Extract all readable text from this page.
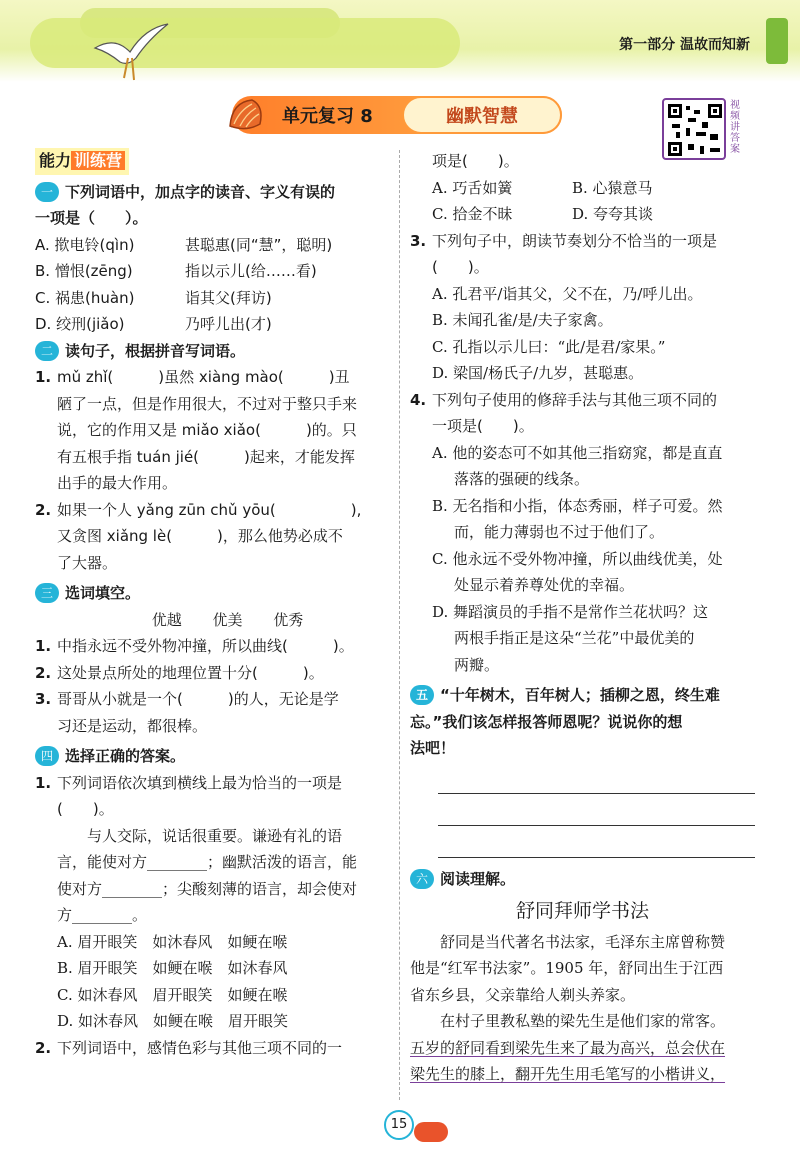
第一部分 温故而知新
单元复习 8	幽默智慧
视频讲答案
能力 训练营
一 下列词语中，加点字的读音、字义有误的
一项是（　　）。
A. 揿电铃(qìn)	甚聪惠(同“慧”，聪明)
B. 憎恨(zēng)	指以示儿(给……看)
C. 祸患(huàn)	诣其父(拜访)
D. 绞刑(jiǎo)	乃呼儿出(才)
二 读句子，根据拼音写词语。
1. mǔ zhǐ(　　　)虽然 xiàng mào(　　　)丑
陋了一点，但是作用很大，不过对于整只手来
说，它的作用又是 miǎo xiǎo(　　　)的。只
有五根手指 tuán jié(　　　)起来，才能发挥
出手的最大作用。
2. 如果一个人 yǎng zūn chǔ yōu(　　　　　),
又贪图 xiǎng lè(　　　)，那么他势必成不
了大器。
三 选词填空。
优越 优美 优秀
1. 中指永远不受外物冲撞，所以曲线(　　　)。
2. 这处景点所处的地理位置十分(　　　)。
3. 哥哥从小就是一个(　　　)的人，无论是学
习还是运动，都很棒。
四 选择正确的答案。
1. 下列词语依次填到横线上最为恰当的一项是
(　　)。
与人交际，说话很重要。谦逊有礼的语
言，能使对方________；幽默活泼的语言，能
使对方________；尖酸刻薄的语言，却会使对
方________。
A. 眉开眼笑　如沐春风　如鲠在喉
B. 眉开眼笑　如鲠在喉　如沐春风
C. 如沐春风　眉开眼笑　如鲠在喉
D. 如沐春风　如鲠在喉　眉开眼笑
2. 下列词语中，感情色彩与其他三项不同的一
项是(　　)。
A. 巧舌如簧	B. 心猿意马
C. 拾金不昧	D. 夸夸其谈
3. 下列句子中，朗读节奏划分不恰当的一项是
(　　)。
A. 孔君平/诣其父，父不在，乃/呼儿出。
B. 未闻孔雀/是/夫子家禽。
C. 孔指以示儿曰：“此/是君/家果。”
D. 梁国/杨氏子/九岁，甚聪惠。
4. 下列句子使用的修辞手法与其他三项不同的
一项是(　　)。
A. 他的姿态可不如其他三指窈窕，都是直直
落落的强硬的线条。
B. 无名指和小指，体态秀丽，样子可爱。然
而，能力薄弱也不过于他们了。
C. 他永远不受外物冲撞，所以曲线优美，处
处显示着养尊处优的幸福。
D. 舞蹈演员的手指不是常作兰花状吗？这
两根手指正是这朵“兰花”中最优美的
两瓣。
五 “十年树木，百年树人；插柳之恩，终生难
忘。”我们该怎样报答师恩呢？说说你的想
法吧！
六 阅读理解。
舒同拜师学书法
舒同是当代著名书法家，毛泽东主席曾称赞
他是“红军书法家”。1905 年，舒同出生于江西
省东乡县，父亲靠给人剃头养家。
在村子里教私塾的梁先生是他们家的常客。
五岁的舒同看到梁先生来了最为高兴，总会伏在
梁先生的膝上，翻开先生用毛笔写的小楷讲义，
15
